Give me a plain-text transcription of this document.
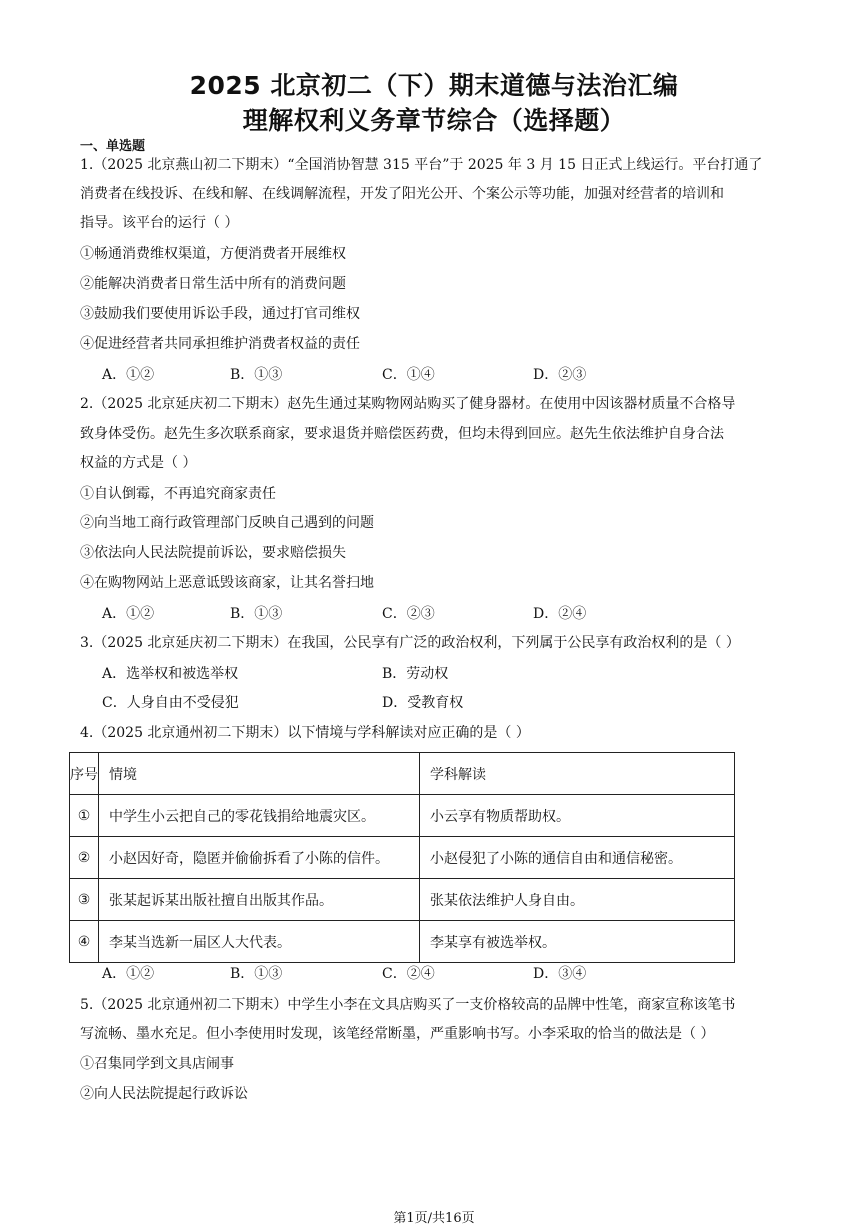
2025 北京初二（下）期末道德与法治汇编
理解权利义务章节综合（选择题）
一、单选题
1.（2025 北京燕山初二下期末）“全国消协智慧 315 平台”于 2025 年 3 月 15 日正式上线运行。平台打通了
消费者在线投诉、在线和解、在线调解流程，开发了阳光公开、个案公示等功能，加强对经营者的培训和
指导。该平台的运行（ ）
①畅通消费维权渠道，方便消费者开展维权
②能解决消费者日常生活中所有的消费问题
③鼓励我们要使用诉讼手段，通过打官司维权
④促进经营者共同承担维护消费者权益的责任
A．①②	B．①③	C．①④	D．②③
2.（2025 北京延庆初二下期末）赵先生通过某购物网站购买了健身器材。在使用中因该器材质量不合格导
致身体受伤。赵先生多次联系商家，要求退货并赔偿医药费，但均未得到回应。赵先生依法维护自身合法
权益的方式是（ ）
①自认倒霉，不再追究商家责任
②向当地工商行政管理部门反映自己遇到的问题
③依法向人民法院提前诉讼，要求赔偿损失
④在购物网站上恶意诋毁该商家，让其名誉扫地
A．①②	B．①③	C．②③	D．②④
3.（2025 北京延庆初二下期末）在我国，公民享有广泛的政治权利，下列属于公民享有政治权利的是（ ）
A．选举权和被选举权	B．劳动权
C．人身自由不受侵犯	D．受教育权
4.（2025 北京通州初二下期末）以下情境与学科解读对应正确的是（ ）
序号	情境	学科解读
①	中学生小云把自己的零花钱捐给地震灾区。	小云享有物质帮助权。
②	小赵因好奇，隐匿并偷偷拆看了小陈的信件。	小赵侵犯了小陈的通信自由和通信秘密。
③	张某起诉某出版社擅自出版其作品。	张某依法维护人身自由。
④	李某当选新一届区人大代表。	李某享有被选举权。
A．①②	B．①③	C．②④	D．③④
5.（2025 北京通州初二下期末）中学生小李在文具店购买了一支价格较高的品牌中性笔，商家宣称该笔书
写流畅、墨水充足。但小李使用时发现，该笔经常断墨，严重影响书写。小李采取的恰当的做法是（ ）
①召集同学到文具店闹事
②向人民法院提起行政诉讼
第1页/共16页
